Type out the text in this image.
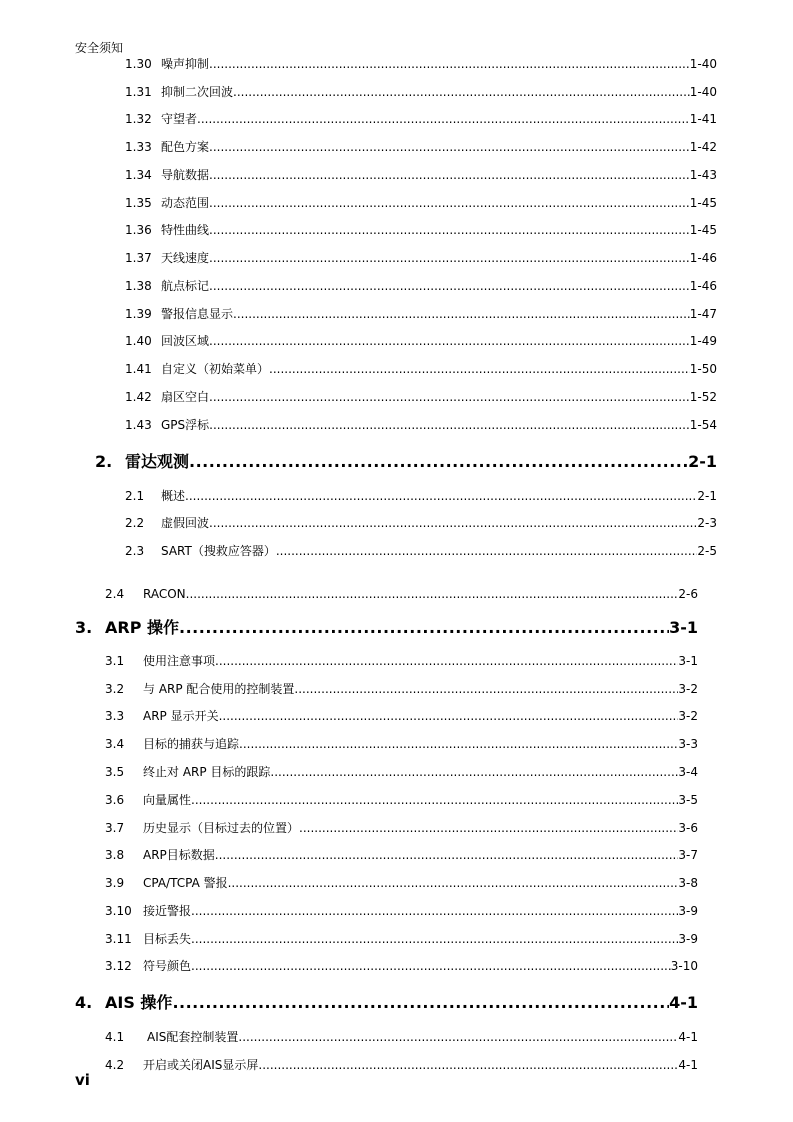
安全须知
1.30 噪声抑制 .....	1-40
1.31 抑制二次回波 .....	1-40
1.32 守望者 .....	1-41
1.33 配色方案 .....	1-42
1.34 导航数据 .....	1-43
1.35 动态范围 .....	1-45
1.36 特性曲线 .....	1-45
1.37 天线速度 .....	1-46
1.38 航点标记 .....	1-46
1.39 警报信息显示 .....	1-47
1.40 回波区域 .....	1-49
1.41 自定义（初始菜单） .....	1-50
1.42 扇区空白 .....	1-52
1.43 GPS浮标 .....	1-54
2. 雷达观测 .....	2-1
2.1	概述 .....	2-1
2.2	虚假回波 .....	2-3
2.3	SART（搜救应答器） .....	2-5
2.4	RACON .....	2-6
3. ARP 操作 .....	3-1
3.1	使用注意事项 .....	3-1
3.2	与 ARP 配合使用的控制装置 .....	3-2
3.3	ARP 显示开关 .....	3-2
3.4	目标的捕获与追踪 .....	3-3
3.5	终止对 ARP 目标的跟踪 .....	3-4
3.6	向量属性 .....	3-5
3.7	历史显示（目标过去的位置） .....	3-6
3.8	ARP目标数据 .....	3-7
3.9	CPA/TCPA 警报 .....	3-8
3.10 接近警报 .....	3-9
3.11 目标丢失 .....	3-9
3.12 符号颜色 .....	3-10
4. AIS 操作 .....	4-1
4.1	AIS配套控制装置 .....	4-1
4.2	开启或关闭AIS显示屏 .....	4-1
vi
